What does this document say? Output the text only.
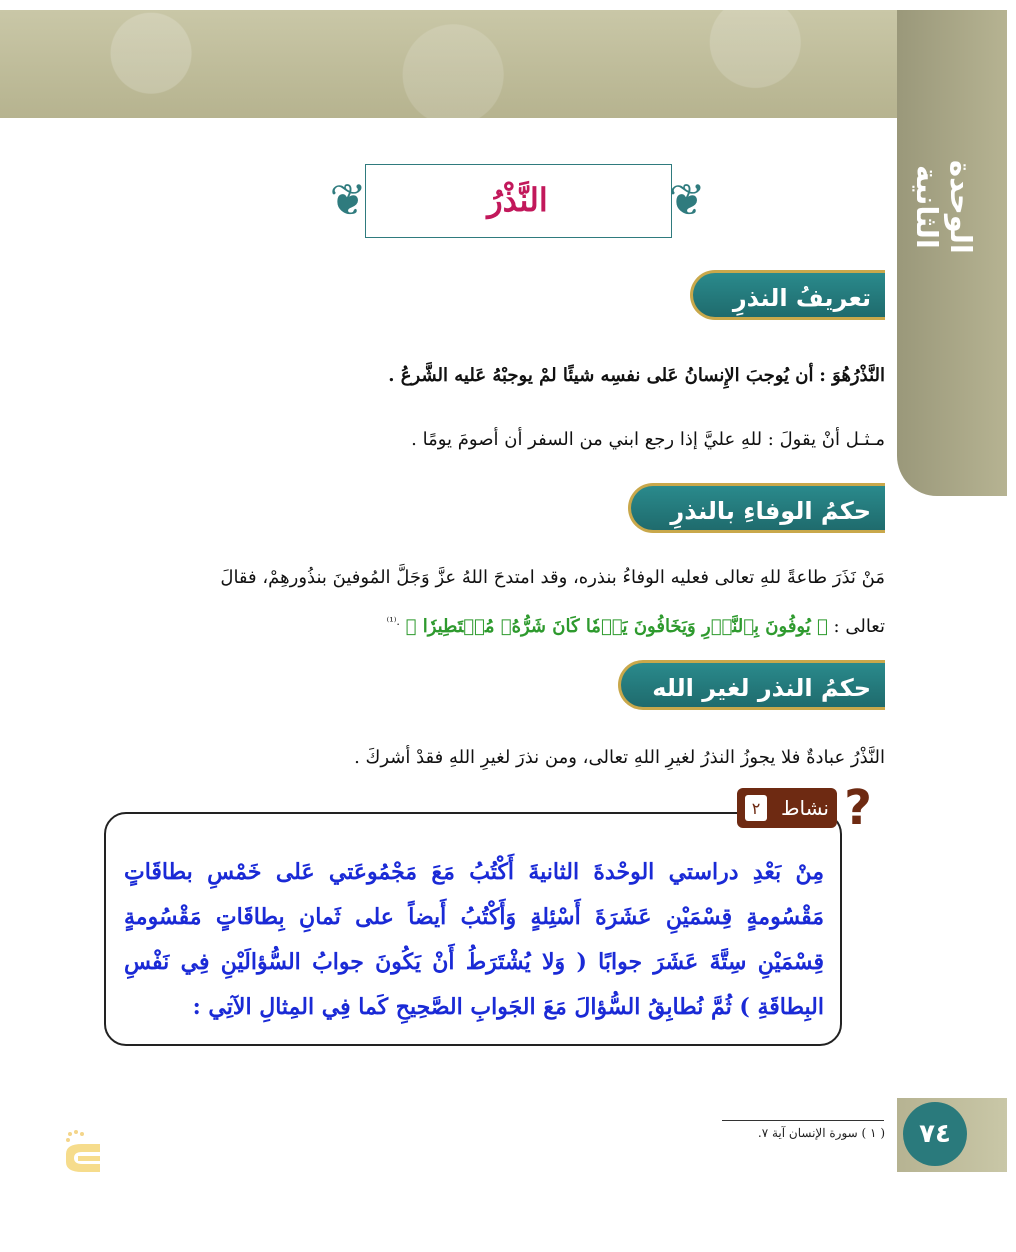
الوحدة الثانية
❦	❦
النَّذْرُ
تعريفُ النذرِ
النَّذْرُهُوَ : أن يُوجبَ الإِنسانُ عَلى نفسِه شيئًا لمْ يوجبْهُ عَليه الشَّرعُ .
مـثـل أنْ يقولَ : للهِ عليَّ إذا رجع ابني من السفر أن أصومَ يومًا .
حكمُ الوفاءِ بالنذرِ
مَنْ نَذَرَ طاعةً للهِ تعالى فعليه الوفاءُ بنذره، وقد امتدحَ اللهُ عزَّ وَجَلَّ المُوفينَ بنذُورهِمْ، فقالَ
تعالى : ﴿ يُوفُونَ بِٱلنَّذۡرِ وَيَخَافُونَ يَوۡمٗا كَانَ شَرُّهُۥ مُسۡتَطِيرٗا ﴾ $^{.^{(1)}}$
حكمُ النذر لغير الله
النَّذْرُ عبادةٌ فلا يجوزُ النذرُ لغيرِ اللهِ تعالى، ومن نذرَ لغيرِ اللهِ فقدْ أشركَ .
نشاط
٢ ?
مِنْ بَعْدِ دراستي الوحْدةَ الثانيةَ أَكْتُبُ مَعَ مَجْمُوعَتي عَلى خَمْسِ بطاقَاتٍ مَقْسُومةٍ قِسْمَيْنِ عَشَرَةَ أَسْئِلةٍ وَأَكْتُبُ أَيضاً على ثَمانِ بِطاقَاتٍ مَقْسُومةٍ قِسْمَيْنِ سِتَّةَ عَشَرَ جوابًا ( وَلا يُشْتَرَطُ أَنْ يَكُونَ جوابُ السُّؤالَيْنِ فِي نَفْسِ البِطاقَةِ ) ثُمَّ نُطابِقُ السُّؤالَ مَعَ الجَوابِ الصَّحِيحِ كَما فِي المِثالِ الآتِي :
( ١ ) سورة الإنسان آية ٧.	٧٤
